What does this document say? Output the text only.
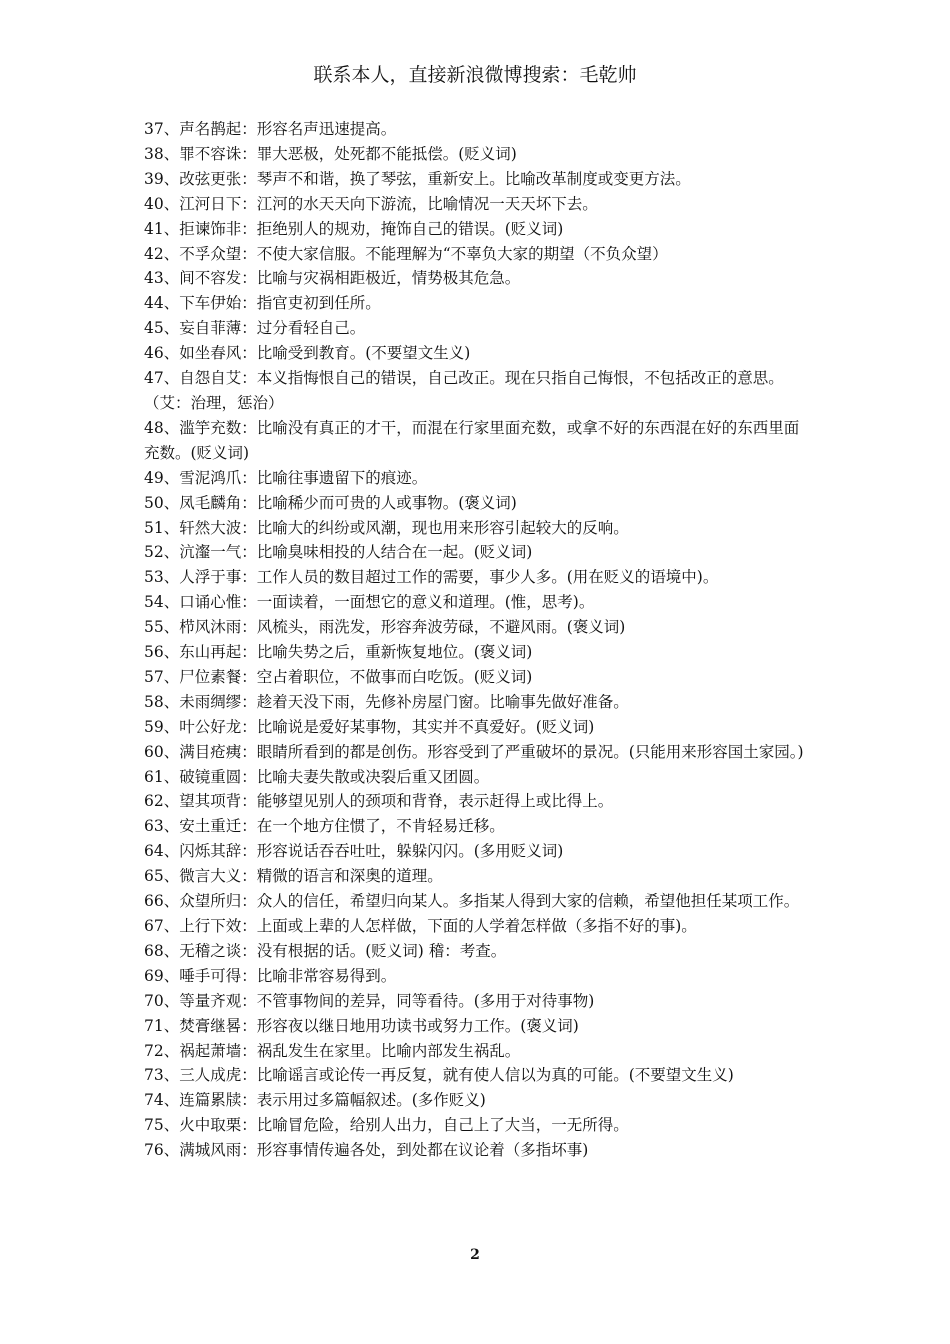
联系本人，直接新浪微博搜索：毛乾帅

37、声名鹊起：形容名声迅速提高。

38、罪不容诛：罪大恶极，处死都不能抵偿。(贬义词)

39、改弦更张：琴声不和谐，换了琴弦，重新安上。比喻改革制度或变更方法。

40、江河日下：江河的水天天向下游流，比喻情况一天天坏下去。

41、拒谏饰非：拒绝别人的规劝，掩饰自己的错误。(贬义词)

42、不孚众望：不使大家信服。不能理解为“不辜负大家的期望（不负众望）

43、间不容发：比喻与灾祸相距极近，情势极其危急。

44、下车伊始：指官吏初到任所。

45、妄自菲薄：过分看轻自己。

46、如坐春风：比喻受到教育。(不要望文生义)

47、自怨自艾：本义指悔恨自己的错误，自己改正。现在只指自己悔恨，不包括改正的意思。（艾：治理，惩治）

48、滥竽充数：比喻没有真正的才干，而混在行家里面充数，或拿不好的东西混在好的东西里面充数。(贬义词)

49、雪泥鸿爪：比喻往事遗留下的痕迹。

50、凤毛麟角：比喻稀少而可贵的人或事物。(褒义词)

51、轩然大波：比喻大的纠纷或风潮，现也用来形容引起较大的反响。

52、沆瀣一气：比喻臭味相投的人结合在一起。(贬义词)

53、人浮于事：工作人员的数目超过工作的需要，事少人多。(用在贬义的语境中)。

54、口诵心惟：一面读着，一面想它的意义和道理。(惟，思考)。

55、栉风沐雨：风梳头，雨洗发，形容奔波劳碌，不避风雨。(褒义词)

56、东山再起：比喻失势之后，重新恢复地位。(褒义词)

57、尸位素餐：空占着职位，不做事而白吃饭。(贬义词)

58、未雨绸缪：趁着天没下雨，先修补房屋门窗。比喻事先做好准备。

59、叶公好龙：比喻说是爱好某事物，其实并不真爱好。(贬义词)

60、满目疮痍：眼睛所看到的都是创伤。形容受到了严重破坏的景况。(只能用来形容国土家园。)

61、破镜重圆：比喻夫妻失散或决裂后重又团圆。

62、望其项背：能够望见别人的颈项和背脊，表示赶得上或比得上。

63、安土重迁：在一个地方住惯了，不肯轻易迁移。

64、闪烁其辞：形容说话吞吞吐吐，躲躲闪闪。(多用贬义词)

65、微言大义：精微的语言和深奥的道理。

66、众望所归：众人的信任，希望归向某人。多指某人得到大家的信赖，希望他担任某项工作。

67、上行下效：上面或上辈的人怎样做，下面的人学着怎样做（多指不好的事)。

68、无稽之谈：没有根据的话。(贬义词) 稽：考查。

69、唾手可得：比喻非常容易得到。

70、等量齐观：不管事物间的差异，同等看待。(多用于对待事物)

71、焚膏继晷：形容夜以继日地用功读书或努力工作。(褒义词)

72、祸起萧墙：祸乱发生在家里。比喻内部发生祸乱。

73、三人成虎：比喻谣言或论传一再反复，就有使人信以为真的可能。(不要望文生义)

74、连篇累牍：表示用过多篇幅叙述。(多作贬义)

75、火中取栗：比喻冒危险，给别人出力，自己上了大当，一无所得。

76、满城风雨：形容事情传遍各处，到处都在议论着（多指坏事)

2
